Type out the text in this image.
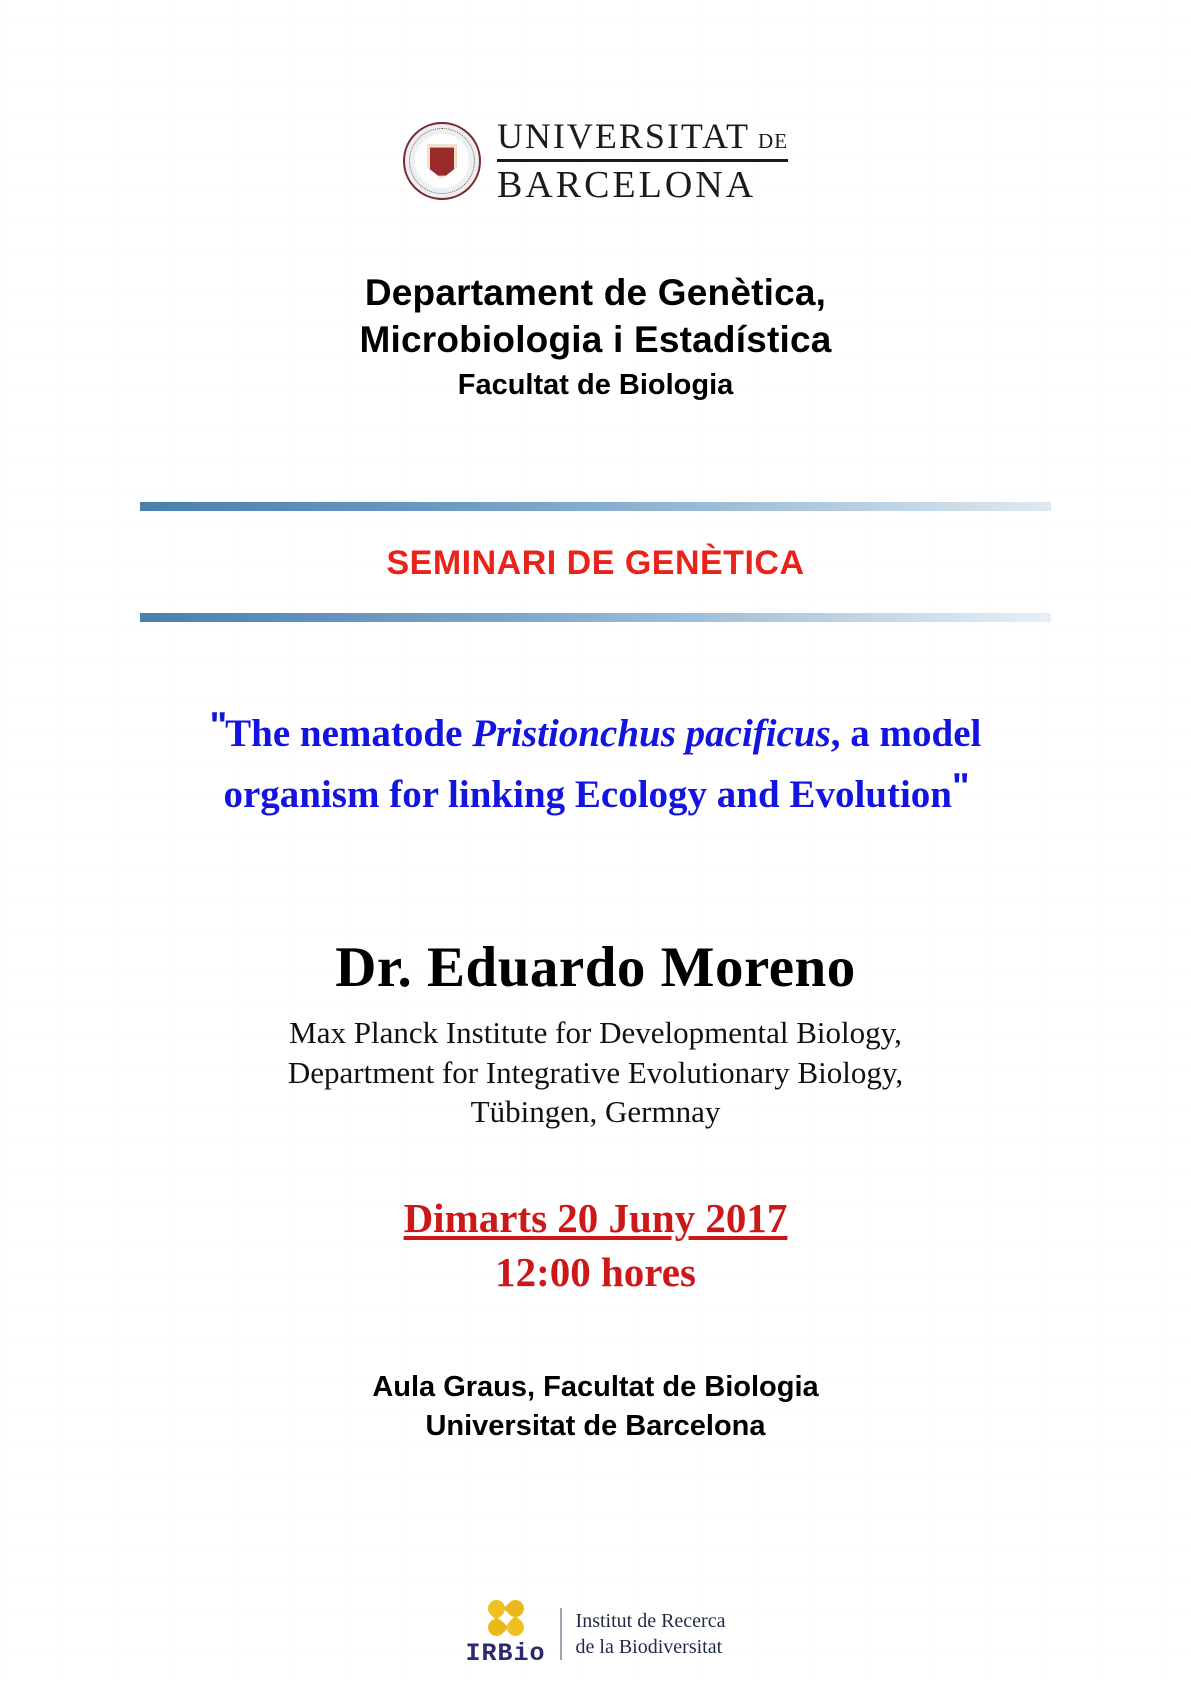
UNIVERSITAT DE
BARCELONA
Departament de Genètica,
Microbiologia i Estadística
Facultat de Biologia
SEMINARI DE GENÈTICA
"The nematode Pristionchus pacificus, a model organism for linking Ecology and Evolution"
Dr. Eduardo Moreno
Max Planck Institute for Developmental Biology,
Department for Integrative Evolutionary Biology,
Tübingen, Germnay
Dimarts 20 Juny 2017
12:00 hores
Aula Graus, Facultat de Biologia
Universitat de Barcelona
IRBio
Institut de Recerca
de la Biodiversitat
